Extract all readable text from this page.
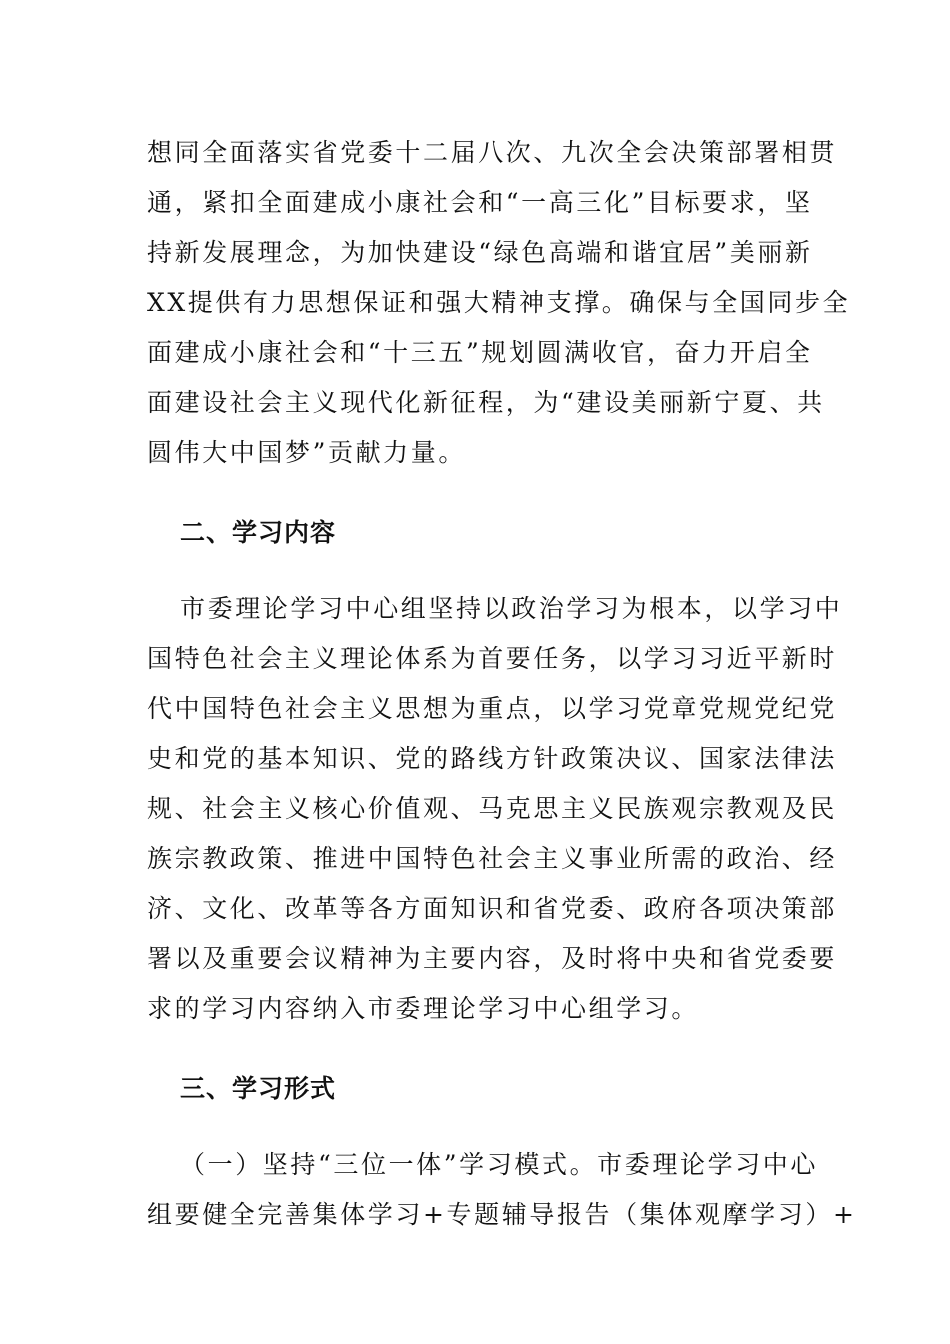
想同全面落实省党委十二届八次、九次全会决策部署相贯
通，紧扣全面建成小康社会和“一高三化”目标要求，坚
持新发展理念，为加快建设“绿色高端和谐宜居”美丽新
XX提供有力思想保证和强大精神支撑。确保与全国同步全
面建成小康社会和“十三五”规划圆满收官，奋力开启全
面建设社会主义现代化新征程，为“建设美丽新宁夏、共
圆伟大中国梦”贡献力量。
二、学习内容
市委理论学习中心组坚持以政治学习为根本，以学习中
国特色社会主义理论体系为首要任务，以学习习近平新时
代中国特色社会主义思想为重点，以学习党章党规党纪党
史和党的基本知识、党的路线方针政策决议、国家法律法
规、社会主义核心价值观、马克思主义民族观宗教观及民
族宗教政策、推进中国特色社会主义事业所需的政治、经
济、文化、改革等各方面知识和省党委、政府各项决策部
署以及重要会议精神为主要内容，及时将中央和省党委要
求的学习内容纳入市委理论学习中心组学习。
三、学习形式
（一）坚持“三位一体”学习模式。市委理论学习中心
组要健全完善集体学习+专题辅导报告（集体观摩学习）+
